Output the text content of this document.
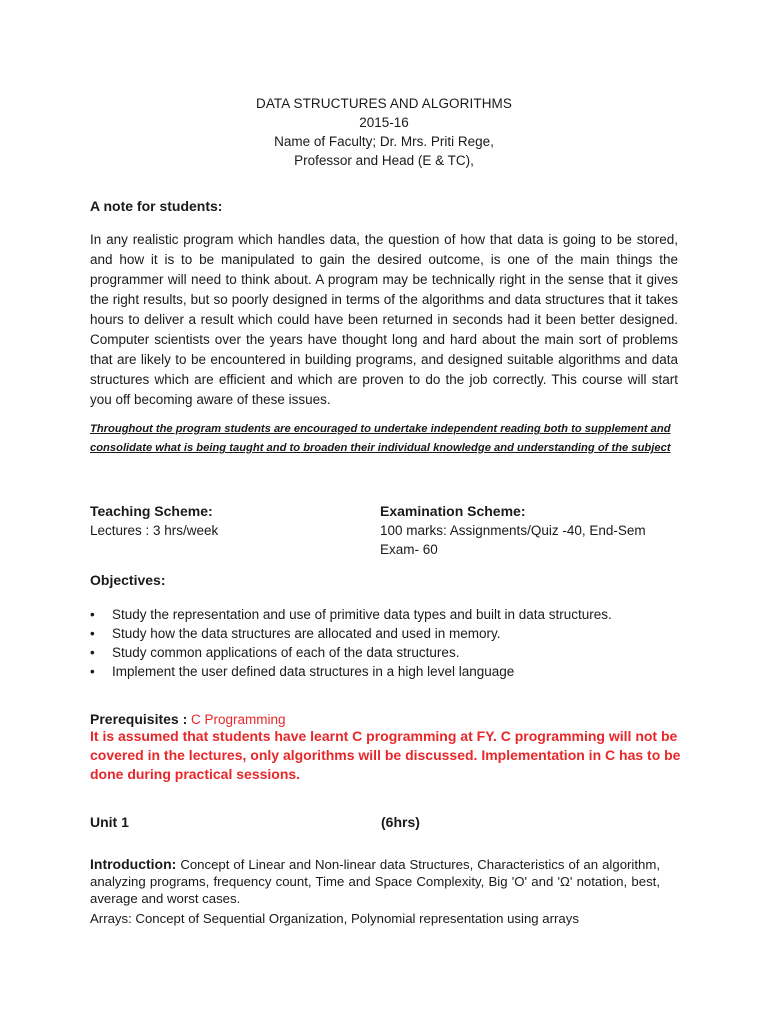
DATA STRUCTURES AND ALGORITHMS
2015-16
Name of Faculty; Dr. Mrs. Priti Rege,
Professor and Head (E & TC),
A note for students:
In any realistic program which handles data, the question of how that data is going to be stored, and how it is to be manipulated to gain the desired outcome, is one of the main things the programmer will need to think about. A program may be technically right in the sense that it gives the right results, but so poorly designed in terms of the algorithms and data structures that it takes hours to deliver a result which could have been returned in seconds had it been better designed. Computer scientists over the years have thought long and hard about the main sort of problems that are likely to be encountered in building programs, and designed suitable algorithms and data structures which are efficient and which are proven to do the job correctly. This course will start you off becoming aware of these issues.
Throughout the program students are encouraged to undertake independent reading both to supplement and consolidate what is being taught and to broaden their individual knowledge and understanding of the subject
Teaching Scheme:
Lectures : 3 hrs/week
Examination Scheme:
100 marks: Assignments/Quiz -40, End-Sem Exam- 60
Objectives:
• Study the representation and use of primitive data types and built in data structures.
• Study how the data structures are allocated and used in memory.
• Study common applications of each of the data structures.
• Implement the user defined data structures in a high level language
Prerequisites : C Programming
It is assumed that students have learnt C programming at FY. C programming will not be covered in the lectures, only algorithms will be discussed. Implementation in C has to be done during practical sessions.
Unit 1	(6hrs)
Introduction: Concept of Linear and Non-linear data Structures, Characteristics of an algorithm, analyzing programs, frequency count, Time and Space Complexity, Big 'O' and 'Ω' notation, best, average and worst cases.
Arrays: Concept of Sequential Organization, Polynomial representation using arrays
